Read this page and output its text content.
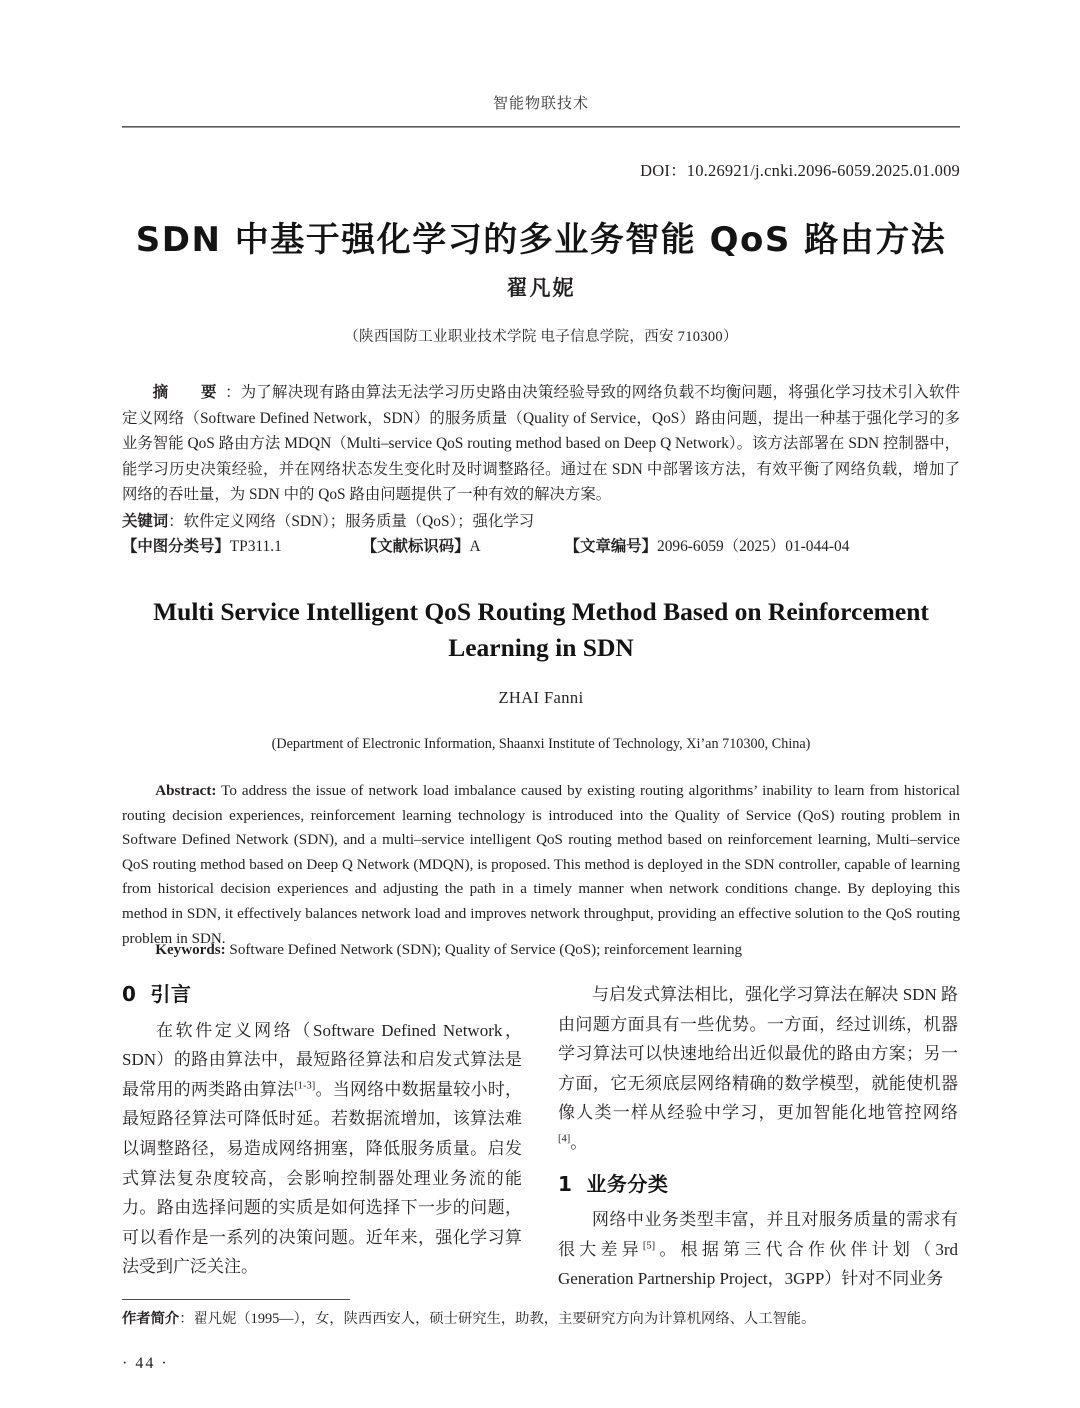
智能物联技术
DOI：10.26921/j.cnki.2096-6059.2025.01.009
SDN 中基于强化学习的多业务智能 QoS 路由方法
翟凡妮
（陕西国防工业职业技术学院 电子信息学院，西安 710300）
摘　要：为了解决现有路由算法无法学习历史路由决策经验导致的网络负载不均衡问题，将强化学习技术引入软件定义网络（Software Defined Network，SDN）的服务质量（Quality of Service，QoS）路由问题，提出一种基于强化学习的多业务智能 QoS 路由方法 MDQN（Multi–service QoS routing method based on Deep Q Network）。该方法部署在 SDN 控制器中，能学习历史决策经验，并在网络状态发生变化时及时调整路径。通过在 SDN 中部署该方法，有效平衡了网络负载，增加了网络的吞吐量，为 SDN 中的 QoS 路由问题提供了一种有效的解决方案。
关键词：软件定义网络（SDN）；服务质量（QoS）；强化学习
【中图分类号】TP311.1	【文献标识码】A	【文章编号】2096-6059（2025）01-044-04
Multi Service Intelligent QoS Routing Method Based on Reinforcement Learning in SDN
ZHAI Fanni
(Department of Electronic Information, Shaanxi Institute of Technology, Xi’an 710300, China)
Abstract: To address the issue of network load imbalance caused by existing routing algorithms’ inability to learn from historical routing decision experiences, reinforcement learning technology is introduced into the Quality of Service (QoS) routing problem in Software Defined Network (SDN), and a multi–service intelligent QoS routing method based on reinforcement learning, Multi–service QoS routing method based on Deep Q Network (MDQN), is proposed. This method is deployed in the SDN controller, capable of learning from historical decision experiences and adjusting the path in a timely manner when network conditions change. By deploying this method in SDN, it effectively balances network load and improves network throughput, providing an effective solution to the QoS routing problem in SDN.
Keywords: Software Defined Network (SDN); Quality of Service (QoS); reinforcement learning
0 引言

在软件定义网络（Software Defined Network，SDN）的路由算法中，最短路径算法和启发式算法是最常用的两类路由算法[1-3]。当网络中数据量较小时，最短路径算法可降低时延。若数据流增加，该算法难以调整路径，易造成网络拥塞，降低服务质量。启发式算法复杂度较高，会影响控制器处理业务流的能力。路由选择问题的实质是如何选择下一步的问题，可以看作是一系列的决策问题。近年来，强化学习算法受到广泛关注。

与启发式算法相比，强化学习算法在解决 SDN 路由问题方面具有一些优势。一方面，经过训练，机器学习算法可以快速地给出近似最优的路由方案；另一方面，它无须底层网络精确的数学模型，就能使机器像人类一样从经验中学习，更加智能化地管控网络[4]。

1 业务分类

网络中业务类型丰富，并且对服务质量的需求有很大差异[5]。根据第三代合作伙伴计划（3rd Generation Partnership Project，3GPP）针对不同业务

作者简介：翟凡妮（1995—），女，陕西西安人，硕士研究生，助教，主要研究方向为计算机网络、人工智能。
· 44 ·
